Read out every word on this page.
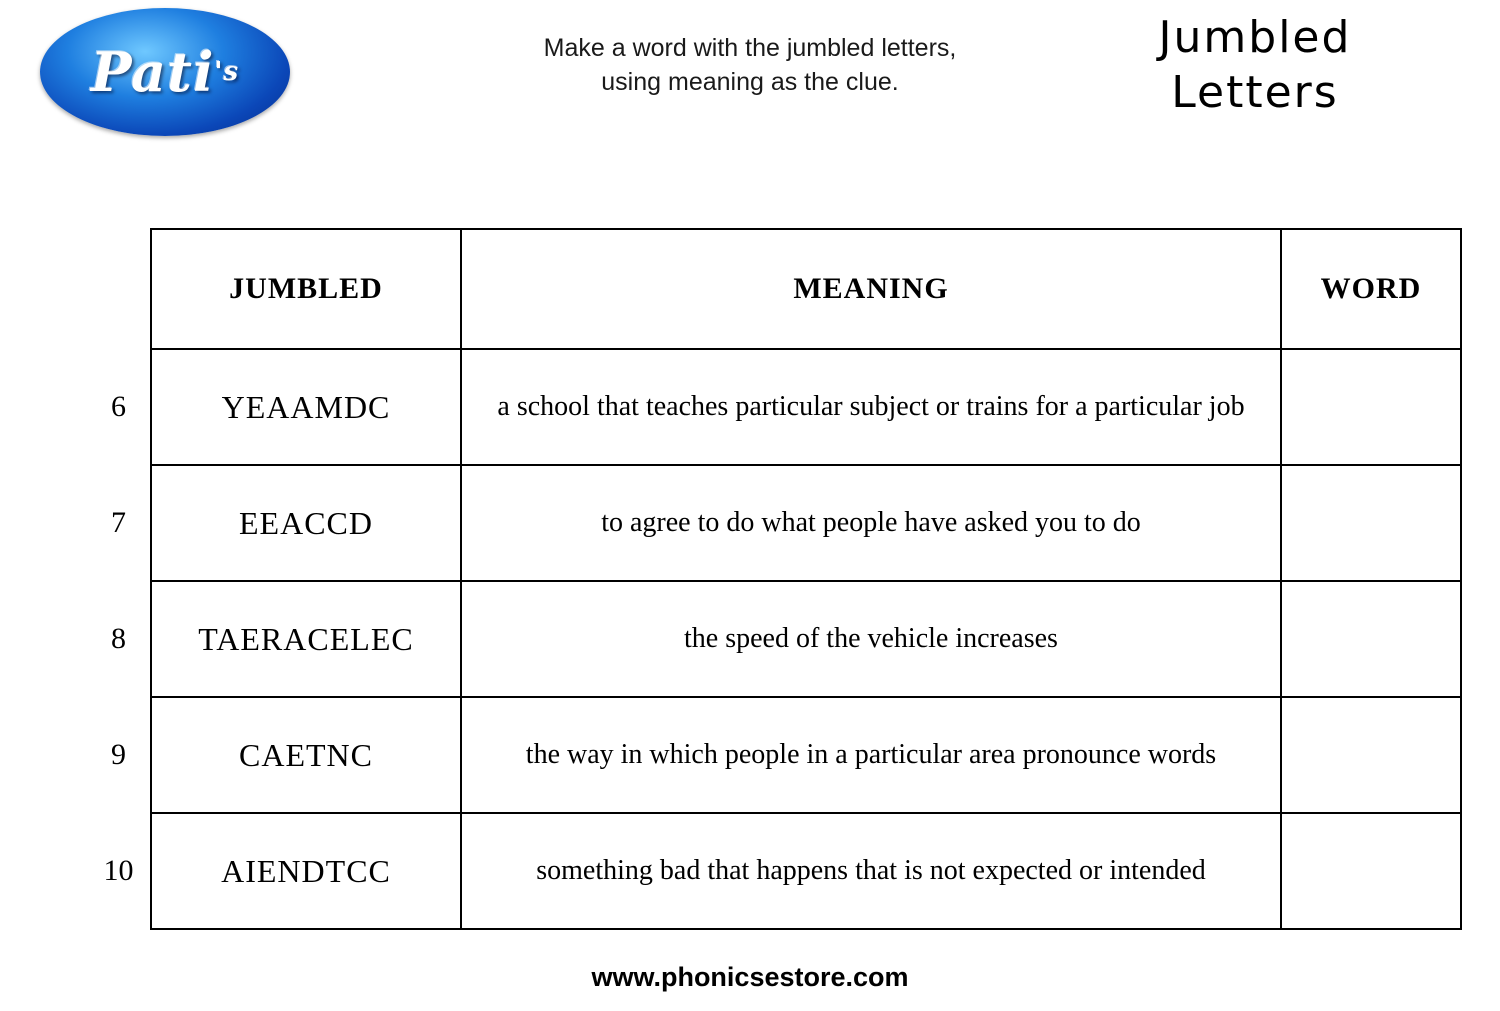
Pati 's
Make a word with the jumbled letters,
using meaning as the clue.
Jumbled
Letters
	JUMBLED	MEANING	WORD
6	YEAAMDC	a school that teaches particular subject or trains for a particular job	
7	EEACCD	to agree to do what people have asked you to do	
8	TAERACELEC	the speed of the vehicle increases	
9	CAETNC	the way in which people in a particular area pronounce words	
10	AIENDTCC	something bad that happens that is not expected or intended	
www.phonicsestore.com
